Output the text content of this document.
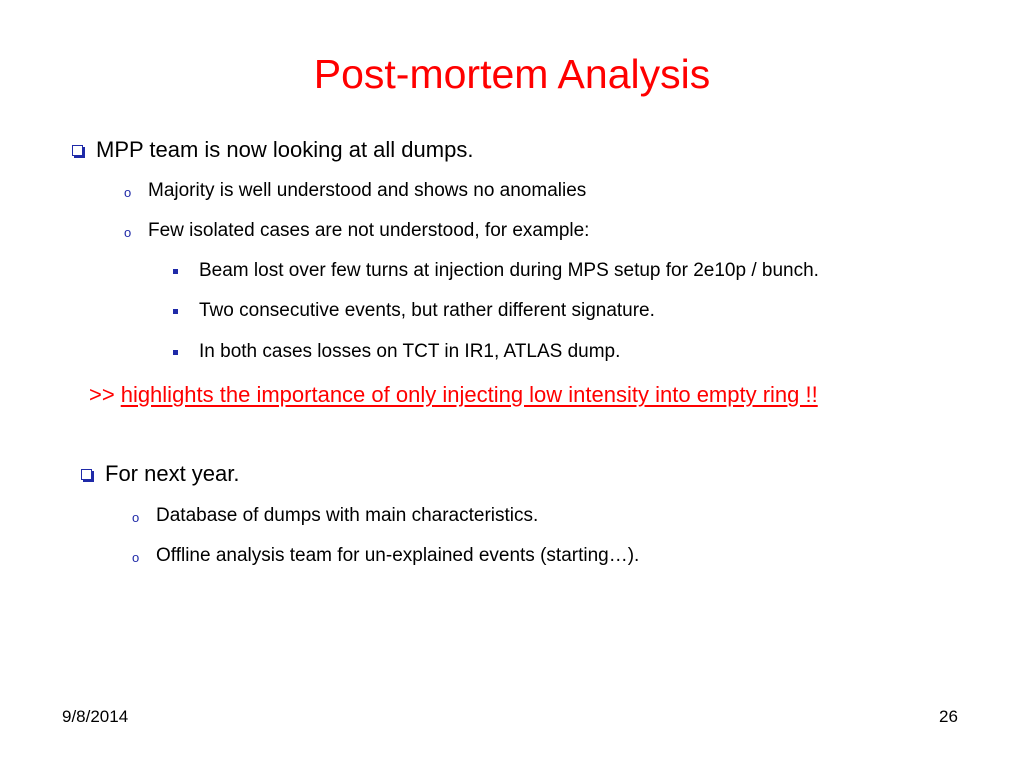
Post-mortem Analysis
MPP team is now looking at all dumps.
o Majority is well understood and shows no anomalies
o Few isolated cases are not understood, for example:
Beam lost over few turns at injection during MPS setup for 2e10p / bunch.
Two consecutive events, but rather different signature.
In both cases losses on TCT in IR1, ATLAS dump.
>> highlights the importance of only injecting low intensity into empty ring !!
For next year.
o Database of dumps with main characteristics.
o Offline analysis team for un-explained events (starting…).
9/8/2014	26
